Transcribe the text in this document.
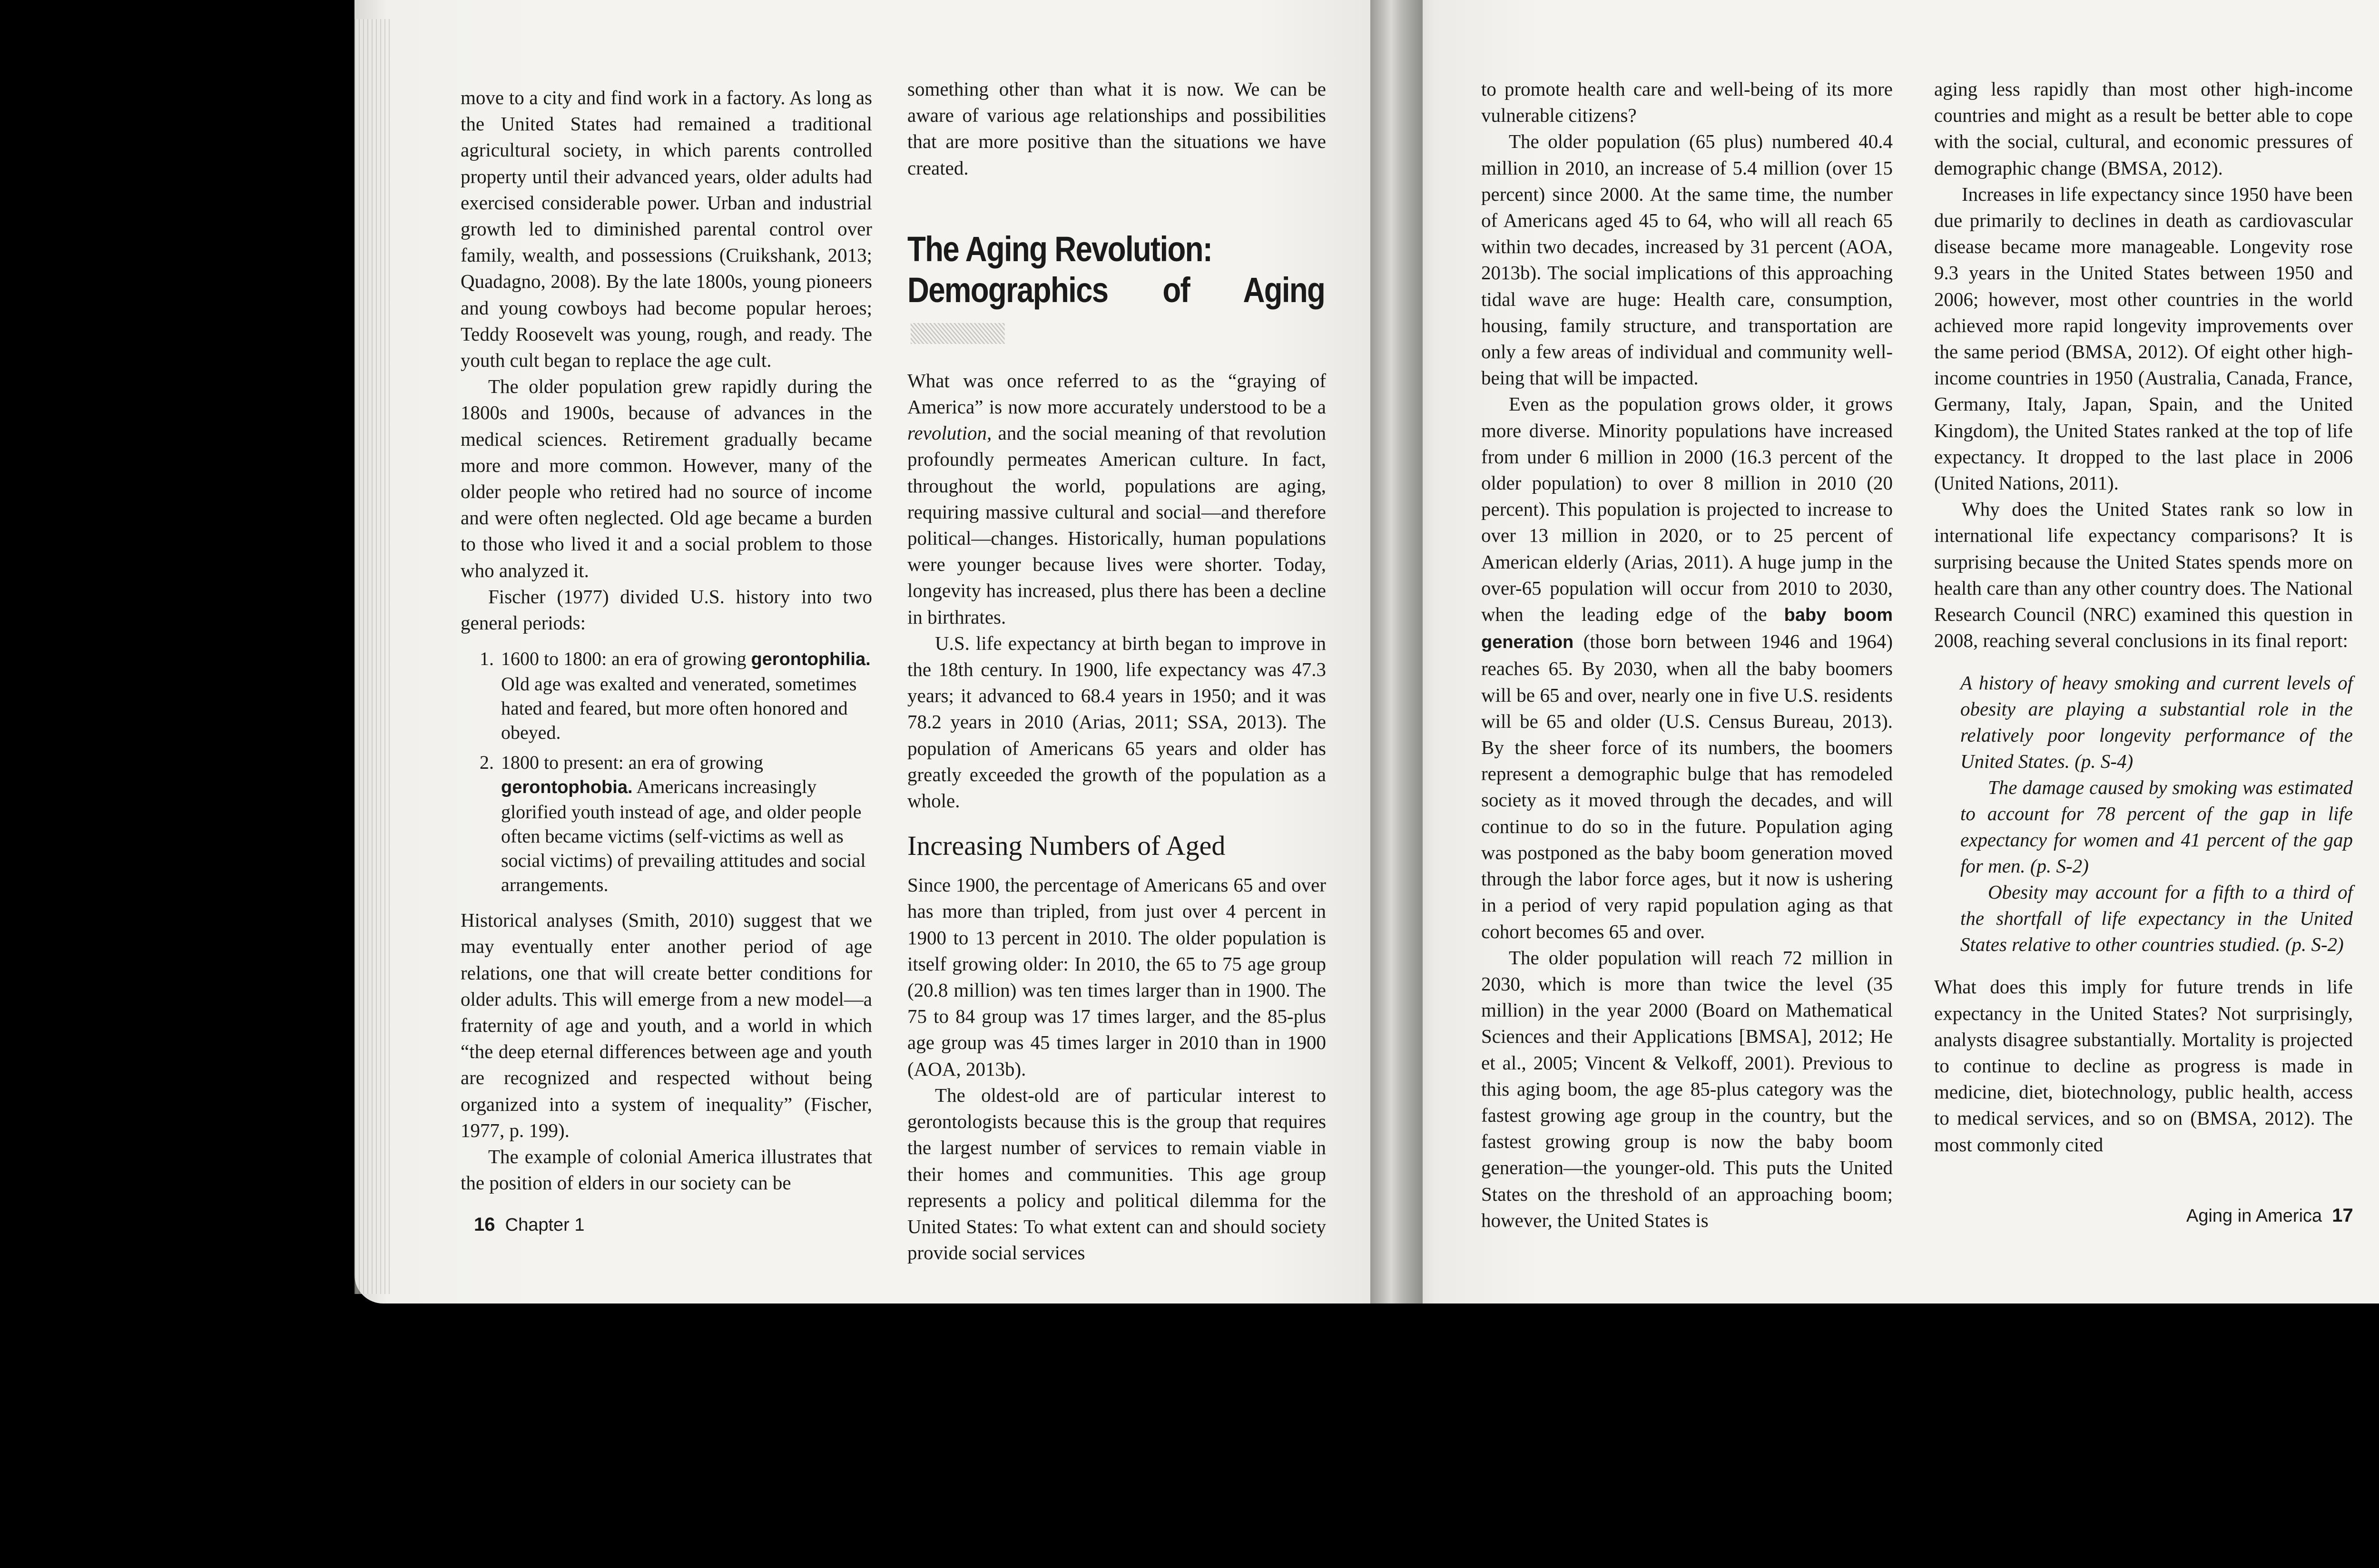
move to a city and find work in a factory. As long as the United States had remained a traditional agricultural society, in which parents controlled property until their advanced years, older adults had exercised considerable power. Urban and industrial growth led to diminished parental control over family, wealth, and possessions (Cruikshank, 2013; Quadagno, 2008). By the late 1800s, young pioneers and young cowboys had become popular heroes; Teddy Roosevelt was young, rough, and ready. The youth cult began to replace the age cult.

The older population grew rapidly during the 1800s and 1900s, because of advances in the medical sciences. Retirement gradually became more and more common. However, many of the older people who retired had no source of income and were often neglected. Old age became a burden to those who lived it and a social problem to those who analyzed it.

Fischer (1977) divided U.S. history into two general periods:

1. 1600 to 1800: an era of growing gerontophilia. Old age was exalted and venerated, sometimes hated and feared, but more often honored and obeyed.
2. 1800 to present: an era of growing gerontophobia. Americans increasingly glorified youth instead of age, and older people often became victims (self-victims as well as social victims) of prevailing attitudes and social arrangements.

Historical analyses (Smith, 2010) suggest that we may eventually enter another period of age relations, one that will create better conditions for older adults. This will emerge from a new model—a fraternity of age and youth, and a world in which “the deep eternal differences between age and youth are recognized and respected without being organized into a system of inequality” (Fischer, 1977, p. 199).

The example of colonial America illustrates that the position of elders in our society can be

something other than what it is now. We can be aware of various age relationships and possibilities that are more positive than the situations we have created.

The Aging Revolution:
Demographics of Aging

What was once referred to as the “graying of America” is now more accurately understood to be a revolution, and the social meaning of that revolution profoundly permeates American culture. In fact, throughout the world, populations are aging, requiring massive cultural and social—and therefore political—changes. Historically, human populations were younger because lives were shorter. Today, longevity has increased, plus there has been a decline in birthrates.

U.S. life expectancy at birth began to improve in the 18th century. In 1900, life expectancy was 47.3 years; it advanced to 68.4 years in 1950; and it was 78.2 years in 2010 (Arias, 2011; SSA, 2013). The population of Americans 65 years and older has greatly exceeded the growth of the population as a whole.

Increasing Numbers of Aged

Since 1900, the percentage of Americans 65 and over has more than tripled, from just over 4 percent in 1900 to 13 percent in 2010. The older population is itself growing older: In 2010, the 65 to 75 age group (20.8 million) was ten times larger than in 1900. The 75 to 84 group was 17 times larger, and the 85-plus age group was 45 times larger in 2010 than in 1900 (AOA, 2013b).

The oldest-old are of particular interest to gerontologists because this is the group that requires the largest number of services to remain viable in their homes and communities. This age group represents a policy and political dilemma for the United States: To what extent can and should society provide social services

16 Chapter 1

to promote health care and well-being of its more vulnerable citizens?

The older population (65 plus) numbered 40.4 million in 2010, an increase of 5.4 million (over 15 percent) since 2000. At the same time, the number of Americans aged 45 to 64, who will all reach 65 within two decades, increased by 31 percent (AOA, 2013b). The social implications of this approaching tidal wave are huge: Health care, consumption, housing, family structure, and transportation are only a few areas of individual and community well-being that will be impacted.

Even as the population grows older, it grows more diverse. Minority populations have increased from under 6 million in 2000 (16.3 percent of the older population) to over 8 million in 2010 (20 percent). This population is projected to increase to over 13 million in 2020, or to 25 percent of American elderly (Arias, 2011). A huge jump in the over-65 population will occur from 2010 to 2030, when the leading edge of the baby boom generation (those born between 1946 and 1964) reaches 65. By 2030, when all the baby boomers will be 65 and over, nearly one in five U.S. residents will be 65 and older (U.S. Census Bureau, 2013). By the sheer force of its numbers, the boomers represent a demographic bulge that has remodeled society as it moved through the decades, and will continue to do so in the future. Population aging was postponed as the baby boom generation moved through the labor force ages, but it now is ushering in a period of very rapid population aging as that cohort becomes 65 and over.

The older population will reach 72 million in 2030, which is more than twice the level (35 million) in the year 2000 (Board on Mathematical Sciences and their Applications [BMSA], 2012; He et al., 2005; Vincent & Velkoff, 2001). Previous to this aging boom, the age 85-plus category was the fastest growing age group in the country, but the fastest growing group is now the baby boom generation—the younger-old. This puts the United States on the threshold of an approaching boom; however, the United States is

aging less rapidly than most other high-income countries and might as a result be better able to cope with the social, cultural, and economic pressures of demographic change (BMSA, 2012).

Increases in life expectancy since 1950 have been due primarily to declines in death as cardiovascular disease became more manageable. Longevity rose 9.3 years in the United States between 1950 and 2006; however, most other countries in the world achieved more rapid longevity improvements over the same period (BMSA, 2012). Of eight other high-income countries in 1950 (Australia, Canada, France, Germany, Italy, Japan, Spain, and the United Kingdom), the United States ranked at the top of life expectancy. It dropped to the last place in 2006 (United Nations, 2011).

Why does the United States rank so low in international life expectancy comparisons? It is surprising because the United States spends more on health care than any other country does. The National Research Council (NRC) examined this question in 2008, reaching several conclusions in its final report:

A history of heavy smoking and current levels of obesity are playing a substantial role in the relatively poor longevity performance of the United States. (p. S-4)

The damage caused by smoking was estimated to account for 78 percent of the gap in life expectancy for women and 41 percent of the gap for men. (p. S-2)

Obesity may account for a fifth to a third of the shortfall of life expectancy in the United States relative to other countries studied. (p. S-2)

What does this imply for future trends in life expectancy in the United States? Not surprisingly, analysts disagree substantially. Mortality is projected to continue to decline as progress is made in medicine, diet, biotechnology, public health, access to medical services, and so on (BMSA, 2012). The most commonly cited

Aging in America 17
